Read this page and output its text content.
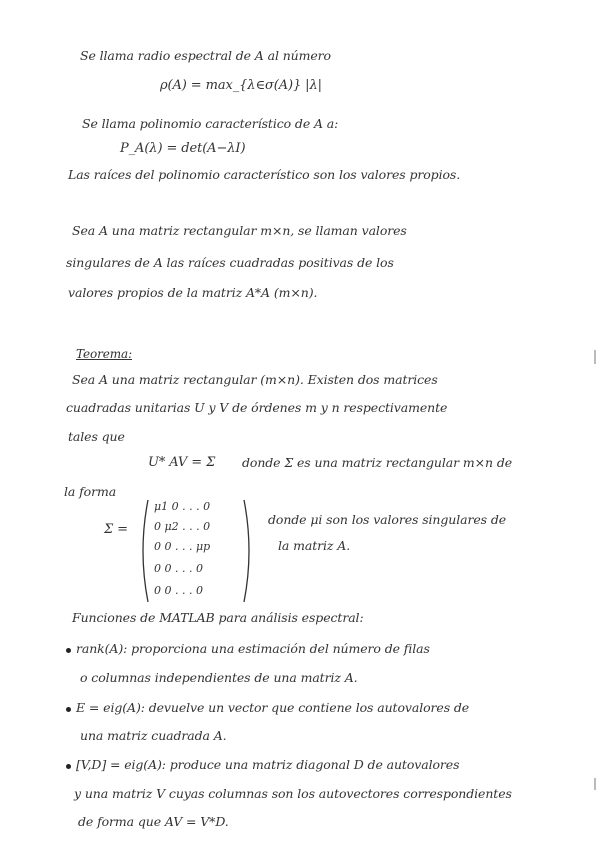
Se llama radio espectral de A al número
ρ(A) = max_{λ∈σ(A)} |λ|
Se llama polinomio característico de A a:
P_A(λ) = det(A−λI)
Las raíces del polinomio característico son los valores propios.
Sea A una matriz rectangular m×n, se llaman valores
singulares de A las raíces cuadradas positivas de los
valores propios de la matriz A*A (m×n).
Teorema:
Sea A una matriz rectangular (m×n). Existen dos matrices
cuadradas unitarias U y V de órdenes m y n respectivamente
tales que
U* AV = Σ donde Σ es una matriz rectangular m×n de
la forma
Σ =
μ1 0 . . . 0
0 μ2 . . . 0
0 0 . . . μp
0 0 . . . 0
0 0 . . . 0
donde μi son los valores singulares de
la matriz A.
Funciones de MATLAB para análisis espectral:
rank(A): proporciona una estimación del número de filas
o columnas independientes de una matriz A.
E = eig(A): devuelve un vector que contiene los autovalores de
una matriz cuadrada A.
[V,D] = eig(A): produce una matriz diagonal D de autovalores
y una matriz V cuyas columnas son los autovectores correspondientes
de forma que AV = V*D.
